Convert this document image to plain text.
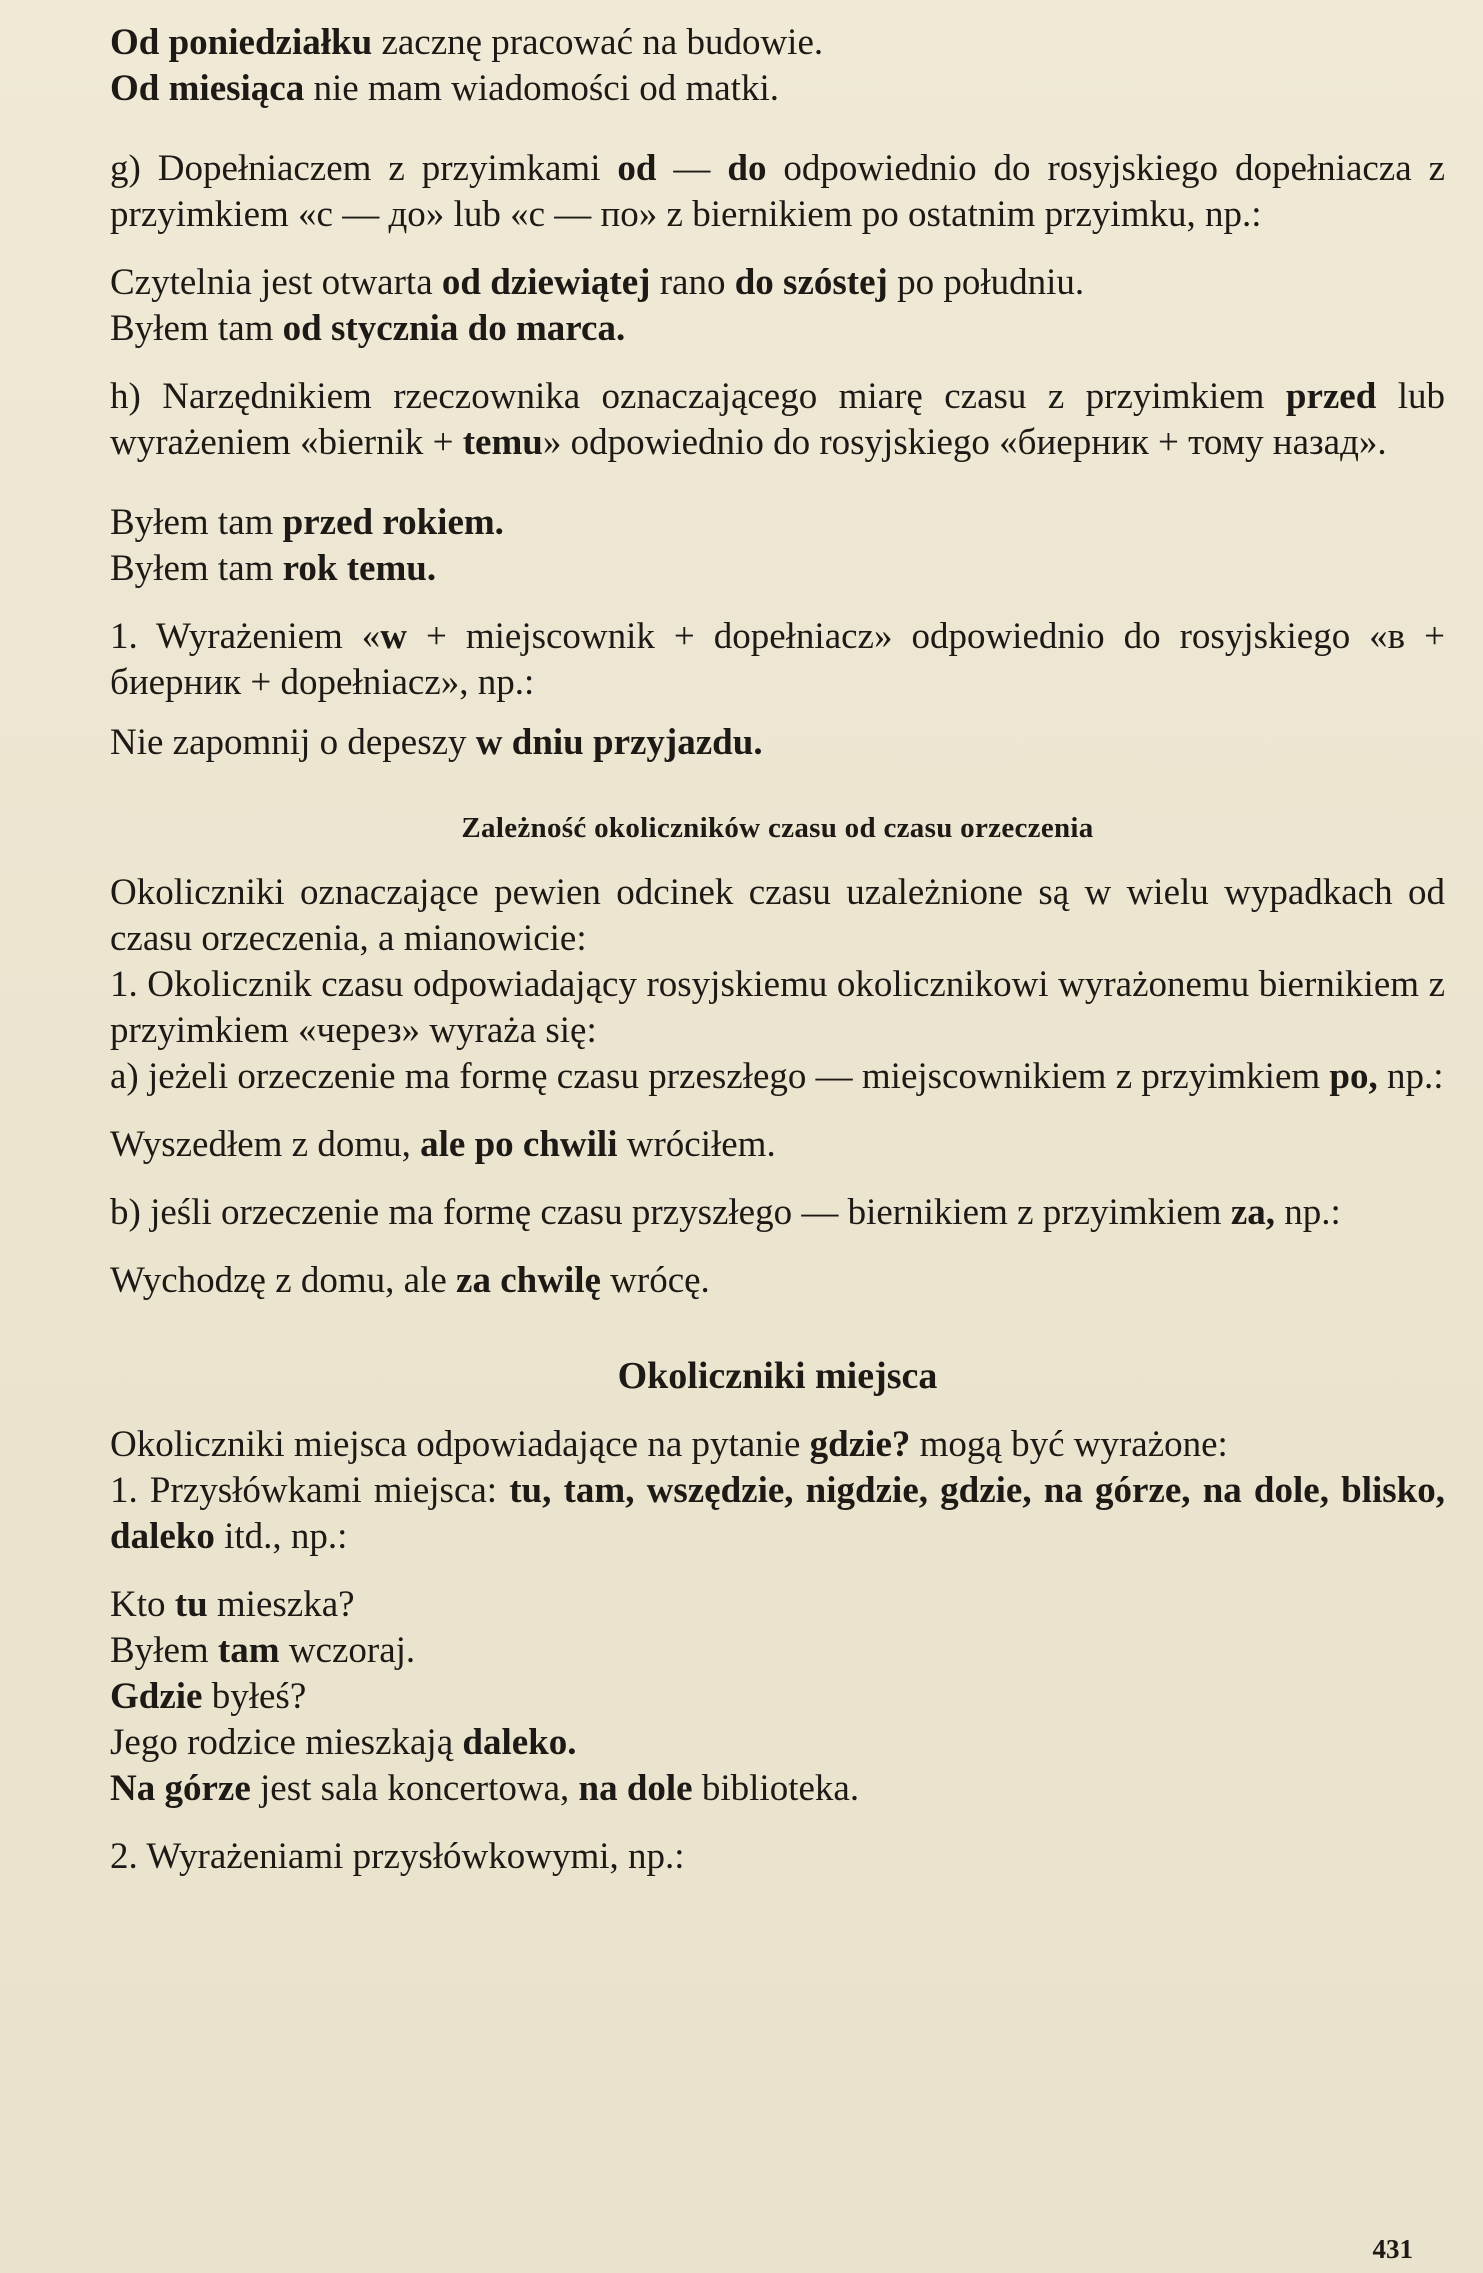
Od poniedziałku zacznę pracować na budowie.

Od miesiąca nie mam wiadomości od matki.

g) Dopełniaczem z przyimkami od — do odpowiednio do rosyjskiego dopełniacza z przyimkiem «с — до» lub «с — по» z biernikiem po ostatnim przyimku, np.:

Czytelnia jest otwarta od dziewiątej rano do szóstej po południu.

Byłem tam od stycznia do marca.

h) Narzędnikiem rzeczownika oznaczającego miarę czasu z przyimkiem przed lub wyrażeniem «biernik + temu» odpowiednio do rosyjskiego «биерник + тому назад».

Byłem tam przed rokiem.

Byłem tam rok temu.

1. Wyrażeniem «w + miejscownik + dopełniacz» odpowiednio do rosyjskiego «в + биерник + dopełniacz», np.:

Nie zapomnij o depeszy w dniu przyjazdu.

Zależność okoliczników czasu od czasu orzeczenia

Okoliczniki oznaczające pewien odcinek czasu uzależnione są w wielu wypadkach od czasu orzeczenia, a mianowicie:

1. Okolicznik czasu odpowiadający rosyjskiemu okolicznikowi wyrażonemu biernikiem z przyimkiem «через» wyraża się:

a) jeżeli orzeczenie ma formę czasu przeszłego — miejscownikiem z przyimkiem po, np.:

Wyszedłem z domu, ale po chwili wróciłem.

b) jeśli orzeczenie ma formę czasu przyszłego — biernikiem z przyimkiem za, np.:

Wychodzę z domu, ale za chwilę wrócę.

Okoliczniki miejsca

Okoliczniki miejsca odpowiadające na pytanie gdzie? mogą być wyrażone:

1. Przysłówkami miejsca: tu, tam, wszędzie, nigdzie, gdzie, na górze, na dole, blisko, daleko itd., np.:

Kto tu mieszka?

Byłem tam wczoraj.

Gdzie byłeś?

Jego rodzice mieszkają daleko.

Na górze jest sala koncertowa, na dole biblioteka.

2. Wyrażeniami przysłówkowymi, np.:

431
